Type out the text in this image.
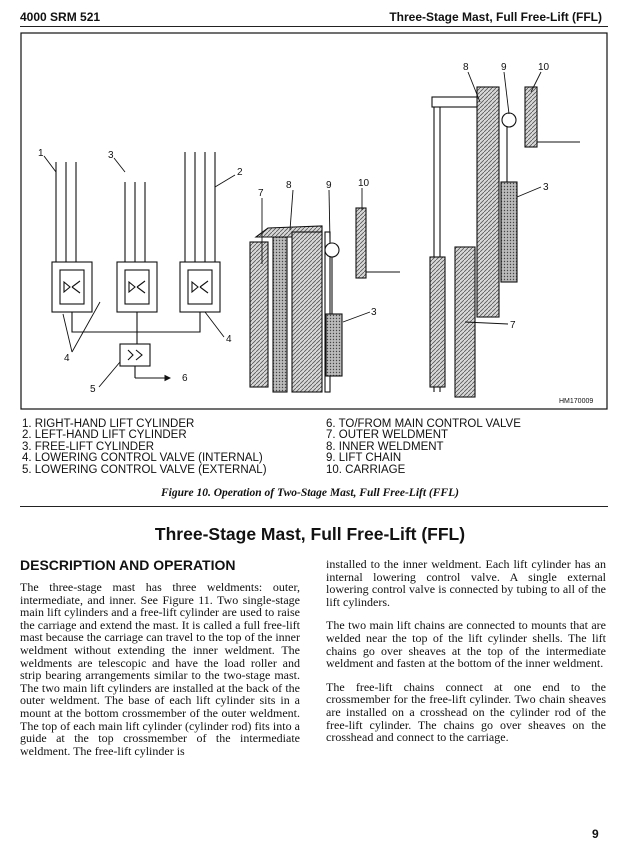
4000 SRM 521	Three-Stage Mast, Full Free-Lift (FFL)
1
2
3
4
4
5
6
7
8	9	10
3
8	9	10
3
7
HM170009
1. RIGHT-HAND LIFT CYLINDER
2. LEFT-HAND LIFT CYLINDER
3. FREE-LIFT CYLINDER
4. LOWERING CONTROL VALVE (INTERNAL)
5. LOWERING CONTROL VALVE (EXTERNAL)
6. TO/FROM MAIN CONTROL VALVE
7. OUTER WELDMENT
8. INNER WELDMENT
9. LIFT CHAIN
10. CARRIAGE
Figure 10. Operation of Two-Stage Mast, Full Free-Lift (FFL)
Three-Stage Mast, Full Free-Lift (FFL)
DESCRIPTION AND OPERATION

The three-stage mast has three weldments: outer, intermediate, and inner. See Figure 11. Two single-stage main lift cylinders and a free-lift cylinder are used to raise the carriage and extend the mast. It is called a full free-lift mast because the carriage can travel to the top of the inner weldment without extending the inner weldment. The weldments are telescopic and have the load roller and strip bearing arrangements similar to the two-stage mast. The two main lift cylinders are installed at the back of the outer weldment. The base of each lift cylinder sits in a mount at the bottom crossmember of the outer weldment. The top of each main lift cylinder (cylinder rod) fits into a guide at the top crossmember of the intermediate weldment. The free-lift cylinder is

installed to the inner weldment. Each lift cylinder has an internal lowering control valve. A single external lowering control valve is connected by tubing to all of the lift cylinders.

The two main lift chains are connected to mounts that are welded near the top of the lift cylinder shells. The lift chains go over sheaves at the top of the intermediate weldment and fasten at the bottom of the inner weldment.

The free-lift chains connect at one end to the crossmember for the free-lift cylinder. Two chain sheaves are installed on a crosshead on the cylinder rod of the free-lift cylinder. The chains go over sheaves on the crosshead and connect to the carriage.

9
